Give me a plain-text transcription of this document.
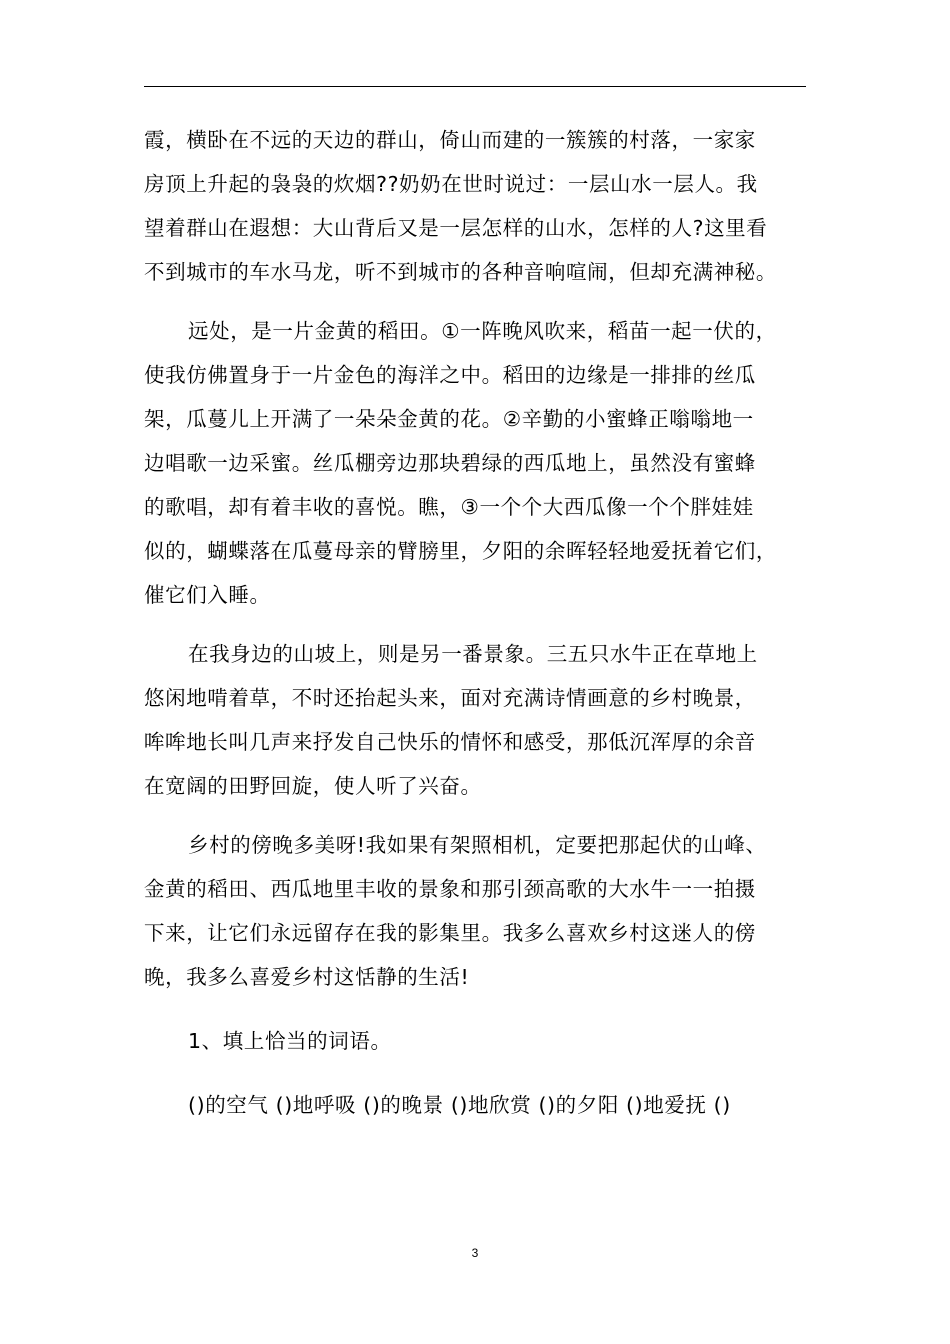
霞，横卧在不远的天边的群山，倚山而建的一簇簇的村落，一家家
房顶上升起的袅袅的炊烟??奶奶在世时说过：一层山水一层人。我
望着群山在遐想：大山背后又是一层怎样的山水，怎样的人?这里看
不到城市的车水马龙，听不到城市的各种音响喧闹，但却充满神秘。
远处，是一片金黄的稻田。①一阵晚风吹来，稻苗一起一伏的，
使我仿佛置身于一片金色的海洋之中。稻田的边缘是一排排的丝瓜
架，瓜蔓儿上开满了一朵朵金黄的花。②辛勤的小蜜蜂正嗡嗡地一
边唱歌一边采蜜。丝瓜棚旁边那块碧绿的西瓜地上，虽然没有蜜蜂
的歌唱，却有着丰收的喜悦。瞧，③一个个大西瓜像一个个胖娃娃
似的，蝴蝶落在瓜蔓母亲的臂膀里，夕阳的余晖轻轻地爱抚着它们，
催它们入睡。
在我身边的山坡上，则是另一番景象。三五只水牛正在草地上
悠闲地啃着草，不时还抬起头来，面对充满诗情画意的乡村晚景，
哞哞地长叫几声来抒发自己快乐的情怀和感受，那低沉浑厚的余音
在宽阔的田野回旋，使人听了兴奋。
乡村的傍晚多美呀!我如果有架照相机，定要把那起伏的山峰、
金黄的稻田、西瓜地里丰收的景象和那引颈高歌的大水牛一一拍摄
下来，让它们永远留存在我的影集里。我多么喜欢乡村这迷人的傍
晚，我多么喜爱乡村这恬静的生活!
1、填上恰当的词语。
()的空气 ()地呼吸 ()的晚景 ()地欣赏 ()的夕阳 ()地爱抚 ()
3
